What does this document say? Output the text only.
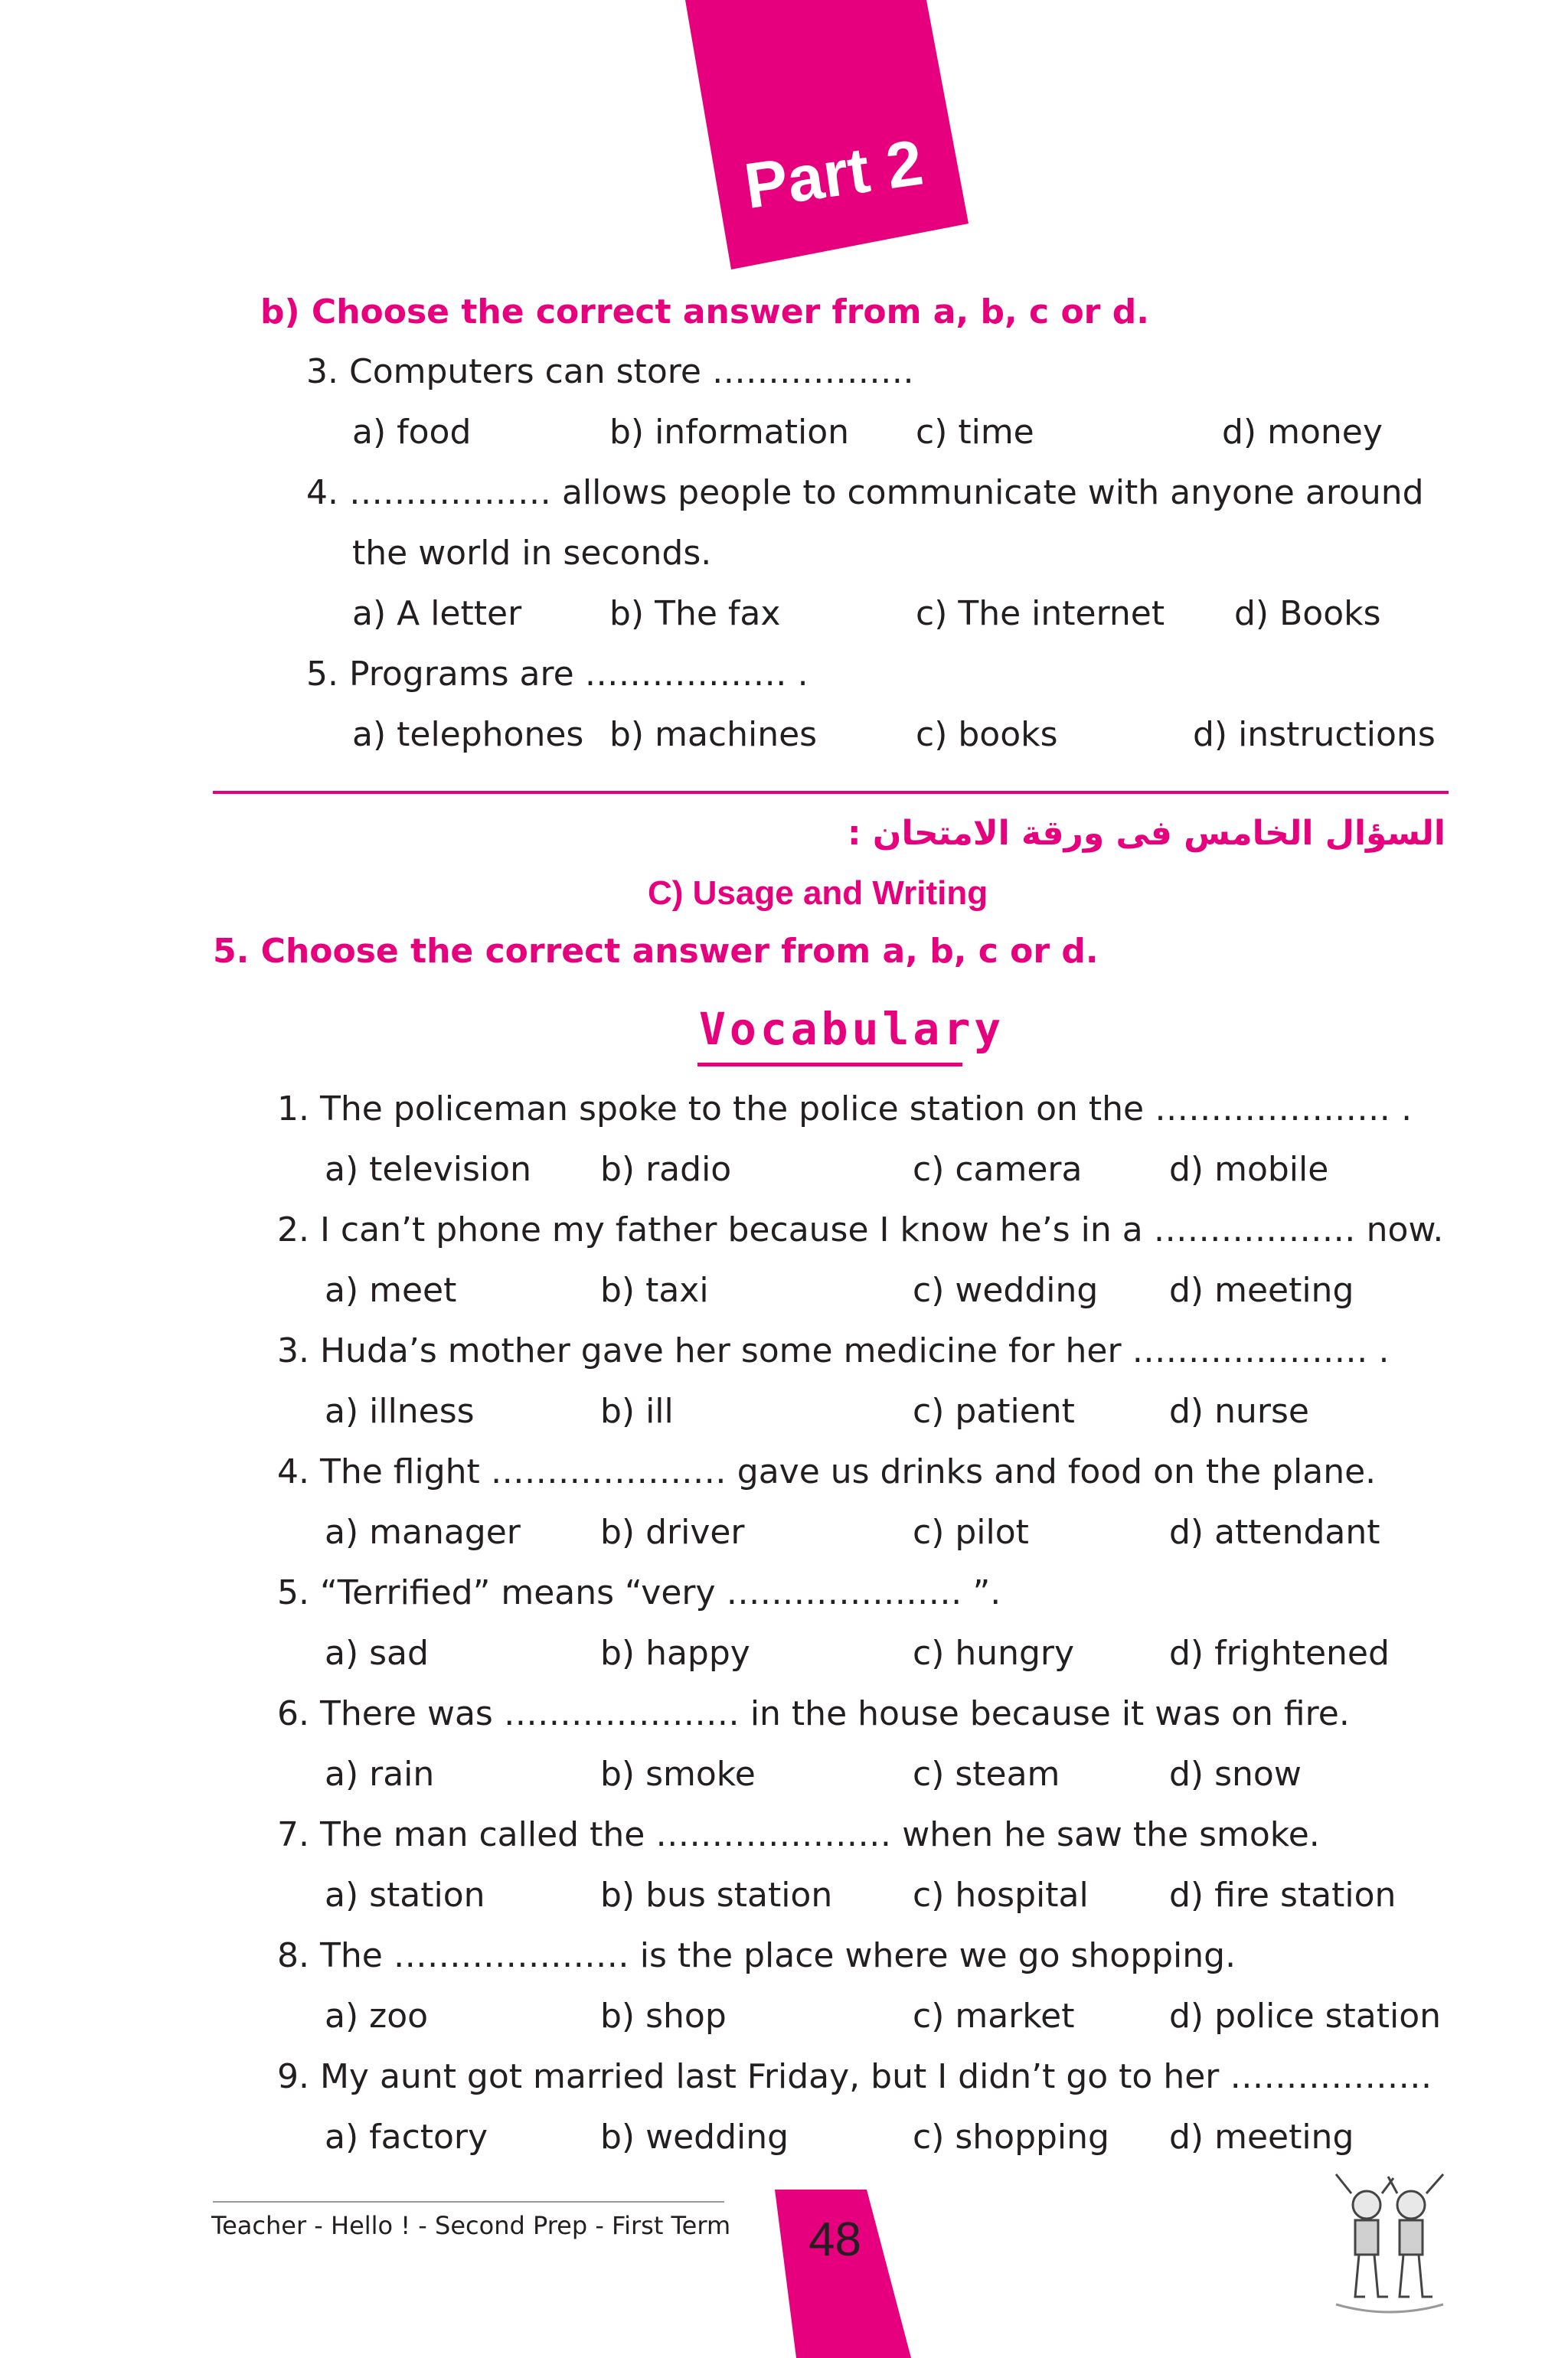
Part 2
b) Choose the correct answer from a, b, c or d.
3. Computers can store ………………
a) food	b) information c) time	d) money
4. ……………… allows people to communicate with anyone around
the world in seconds.
a) A letter	b) The fax	c) The internet d) Books
5. Programs are ……………… .
a) telephones b) machines	c) books	d) instructions
السؤال الخامس فى ورقة الامتحان :
C) Usage and Writing
5. Choose the correct answer from a, b, c or d.
Vocabulary
1. The policeman spoke to the police station on the ………………… .
a) television b) radio	c) camera	d) mobile
2. I can’t phone my father because I know he’s in a ……………… now.
a) meet	b) taxi	c) wedding d) meeting
3. Huda’s mother gave her some medicine for her ………………… .
a) illness	b) ill	c) patient	d) nurse
4. The flight ………………… gave us drinks and food on the plane.
a) manager b) driver	c) pilot	d) attendant
5. “Terrified” means “very ………………… ”.
a) sad	b) happy	c) hungry	d) frightened
6. There was ………………… in the house because it was on fire.
a) rain	b) smoke	c) steam	d) snow
7. The man called the ………………… when he saw the smoke.
a) station	b) bus station c) hospital d) fire station
8. The ………………… is the place where we go shopping.
a) zoo	b) shop	c) market	d) police station
9. My aunt got married last Friday, but I didn’t go to her ………………
a) factory	b) wedding	c) shopping d) meeting
Teacher - Hello ! - Second Prep - First Term 48
